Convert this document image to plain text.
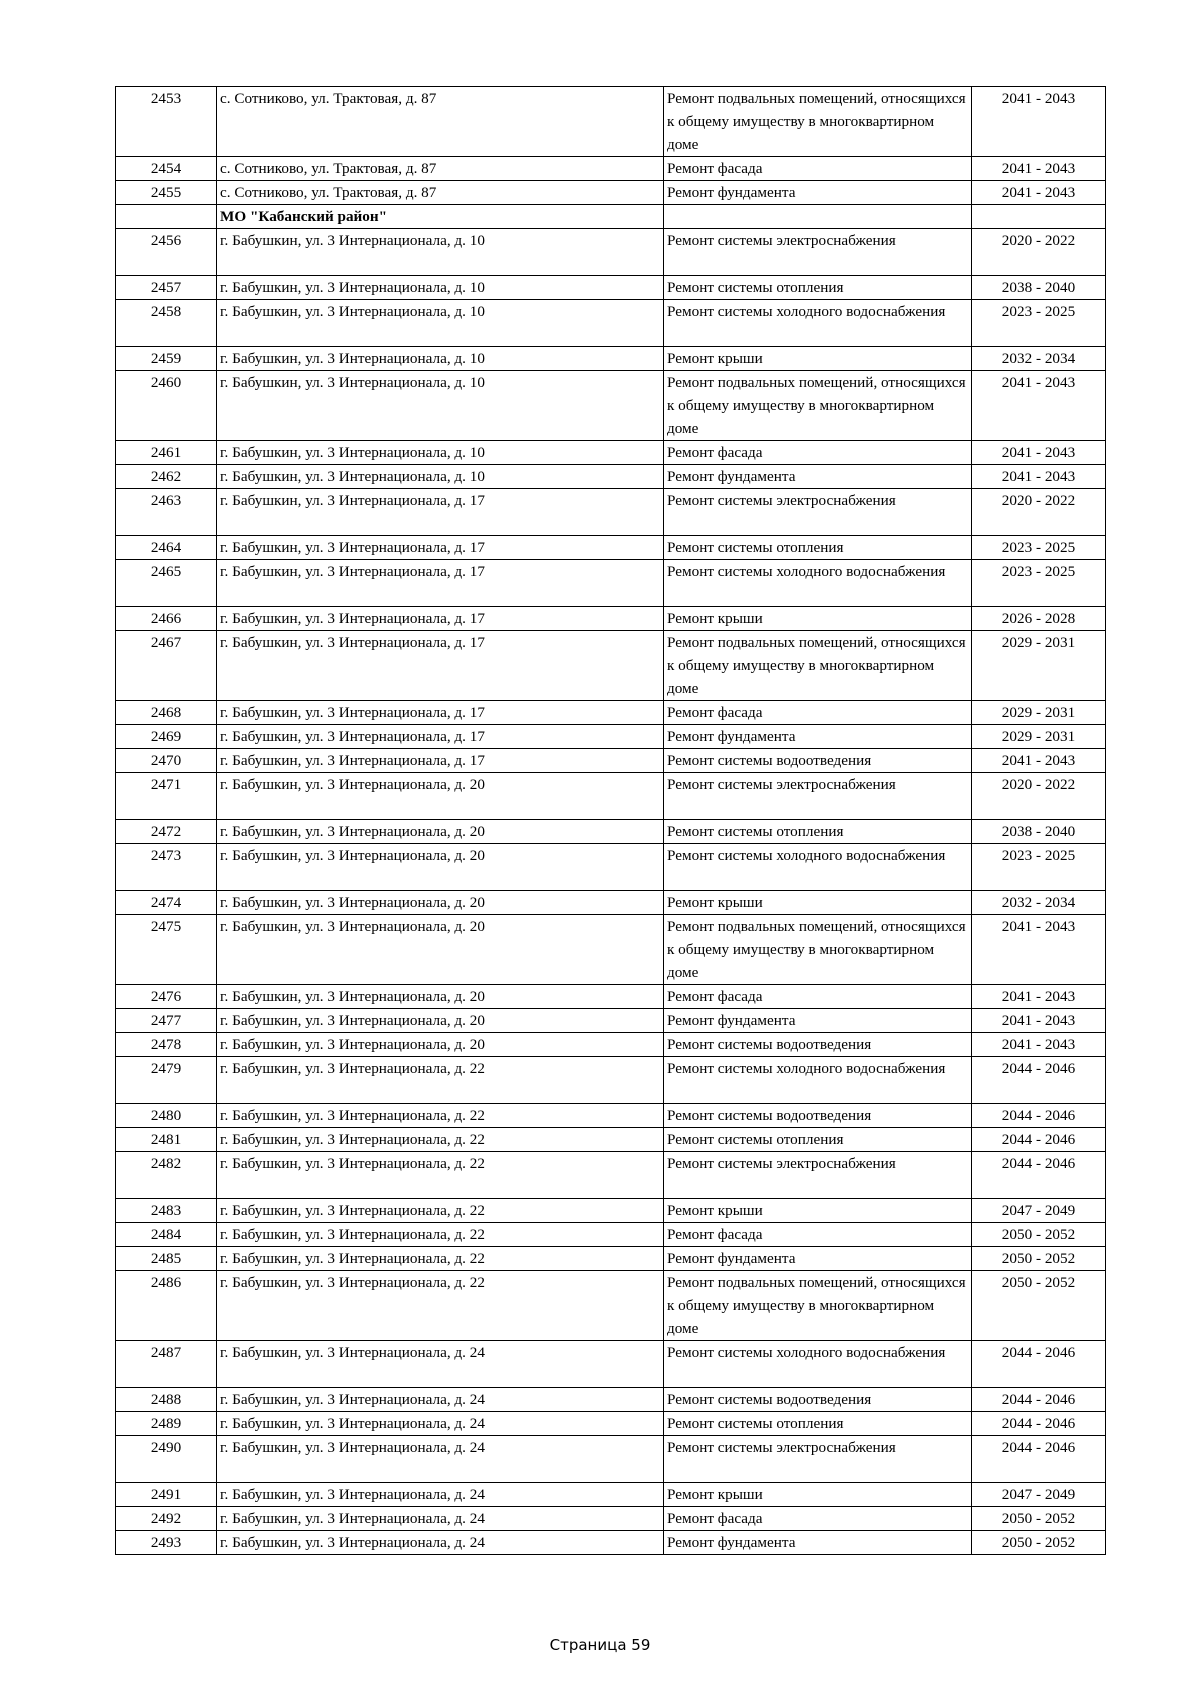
2453	с. Сотниково, ул. Трактовая, д. 87	Ремонт подвальных помещений, относящихся к общему имуществу в многоквартирном доме	2041 - 2043
2454	с. Сотниково, ул. Трактовая, д. 87	Ремонт фасада	2041 - 2043
2455	с. Сотниково, ул. Трактовая, д. 87	Ремонт фундамента	2041 - 2043
	МО "Кабанский район"		
2456	г. Бабушкин, ул. 3 Интернационала, д. 10	Ремонт системы электроснабжения	2020 - 2022
2457	г. Бабушкин, ул. 3 Интернационала, д. 10	Ремонт системы отопления	2038 - 2040
2458	г. Бабушкин, ул. 3 Интернационала, д. 10	Ремонт системы холодного водоснабжения	2023 - 2025
2459	г. Бабушкин, ул. 3 Интернационала, д. 10	Ремонт крыши	2032 - 2034
2460	г. Бабушкин, ул. 3 Интернационала, д. 10	Ремонт подвальных помещений, относящихся к общему имуществу в многоквартирном доме	2041 - 2043
2461	г. Бабушкин, ул. 3 Интернационала, д. 10	Ремонт фасада	2041 - 2043
2462	г. Бабушкин, ул. 3 Интернационала, д. 10	Ремонт фундамента	2041 - 2043
2463	г. Бабушкин, ул. 3 Интернационала, д. 17	Ремонт системы электроснабжения	2020 - 2022
2464	г. Бабушкин, ул. 3 Интернационала, д. 17	Ремонт системы отопления	2023 - 2025
2465	г. Бабушкин, ул. 3 Интернационала, д. 17	Ремонт системы холодного водоснабжения	2023 - 2025
2466	г. Бабушкин, ул. 3 Интернационала, д. 17	Ремонт крыши	2026 - 2028
2467	г. Бабушкин, ул. 3 Интернационала, д. 17	Ремонт подвальных помещений, относящихся к общему имуществу в многоквартирном доме	2029 - 2031
2468	г. Бабушкин, ул. 3 Интернационала, д. 17	Ремонт фасада	2029 - 2031
2469	г. Бабушкин, ул. 3 Интернационала, д. 17	Ремонт фундамента	2029 - 2031
2470	г. Бабушкин, ул. 3 Интернационала, д. 17	Ремонт системы водоотведения	2041 - 2043
2471	г. Бабушкин, ул. 3 Интернационала, д. 20	Ремонт системы электроснабжения	2020 - 2022
2472	г. Бабушкин, ул. 3 Интернационала, д. 20	Ремонт системы отопления	2038 - 2040
2473	г. Бабушкин, ул. 3 Интернационала, д. 20	Ремонт системы холодного водоснабжения	2023 - 2025
2474	г. Бабушкин, ул. 3 Интернационала, д. 20	Ремонт крыши	2032 - 2034
2475	г. Бабушкин, ул. 3 Интернационала, д. 20	Ремонт подвальных помещений, относящихся к общему имуществу в многоквартирном доме	2041 - 2043
2476	г. Бабушкин, ул. 3 Интернационала, д. 20	Ремонт фасада	2041 - 2043
2477	г. Бабушкин, ул. 3 Интернационала, д. 20	Ремонт фундамента	2041 - 2043
2478	г. Бабушкин, ул. 3 Интернационала, д. 20	Ремонт системы водоотведения	2041 - 2043
2479	г. Бабушкин, ул. 3 Интернационала, д. 22	Ремонт системы холодного водоснабжения	2044 - 2046
2480	г. Бабушкин, ул. 3 Интернационала, д. 22	Ремонт системы водоотведения	2044 - 2046
2481	г. Бабушкин, ул. 3 Интернационала, д. 22	Ремонт системы отопления	2044 - 2046
2482	г. Бабушкин, ул. 3 Интернационала, д. 22	Ремонт системы электроснабжения	2044 - 2046
2483	г. Бабушкин, ул. 3 Интернационала, д. 22	Ремонт крыши	2047 - 2049
2484	г. Бабушкин, ул. 3 Интернационала, д. 22	Ремонт фасада	2050 - 2052
2485	г. Бабушкин, ул. 3 Интернационала, д. 22	Ремонт фундамента	2050 - 2052
2486	г. Бабушкин, ул. 3 Интернационала, д. 22	Ремонт подвальных помещений, относящихся к общему имуществу в многоквартирном доме	2050 - 2052
2487	г. Бабушкин, ул. 3 Интернационала, д. 24	Ремонт системы холодного водоснабжения	2044 - 2046
2488	г. Бабушкин, ул. 3 Интернационала, д. 24	Ремонт системы водоотведения	2044 - 2046
2489	г. Бабушкин, ул. 3 Интернационала, д. 24	Ремонт системы отопления	2044 - 2046
2490	г. Бабушкин, ул. 3 Интернационала, д. 24	Ремонт системы электроснабжения	2044 - 2046
2491	г. Бабушкин, ул. 3 Интернационала, д. 24	Ремонт крыши	2047 - 2049
2492	г. Бабушкин, ул. 3 Интернационала, д. 24	Ремонт фасада	2050 - 2052
2493	г. Бабушкин, ул. 3 Интернационала, д. 24	Ремонт фундамента	2050 - 2052
Страница 59
